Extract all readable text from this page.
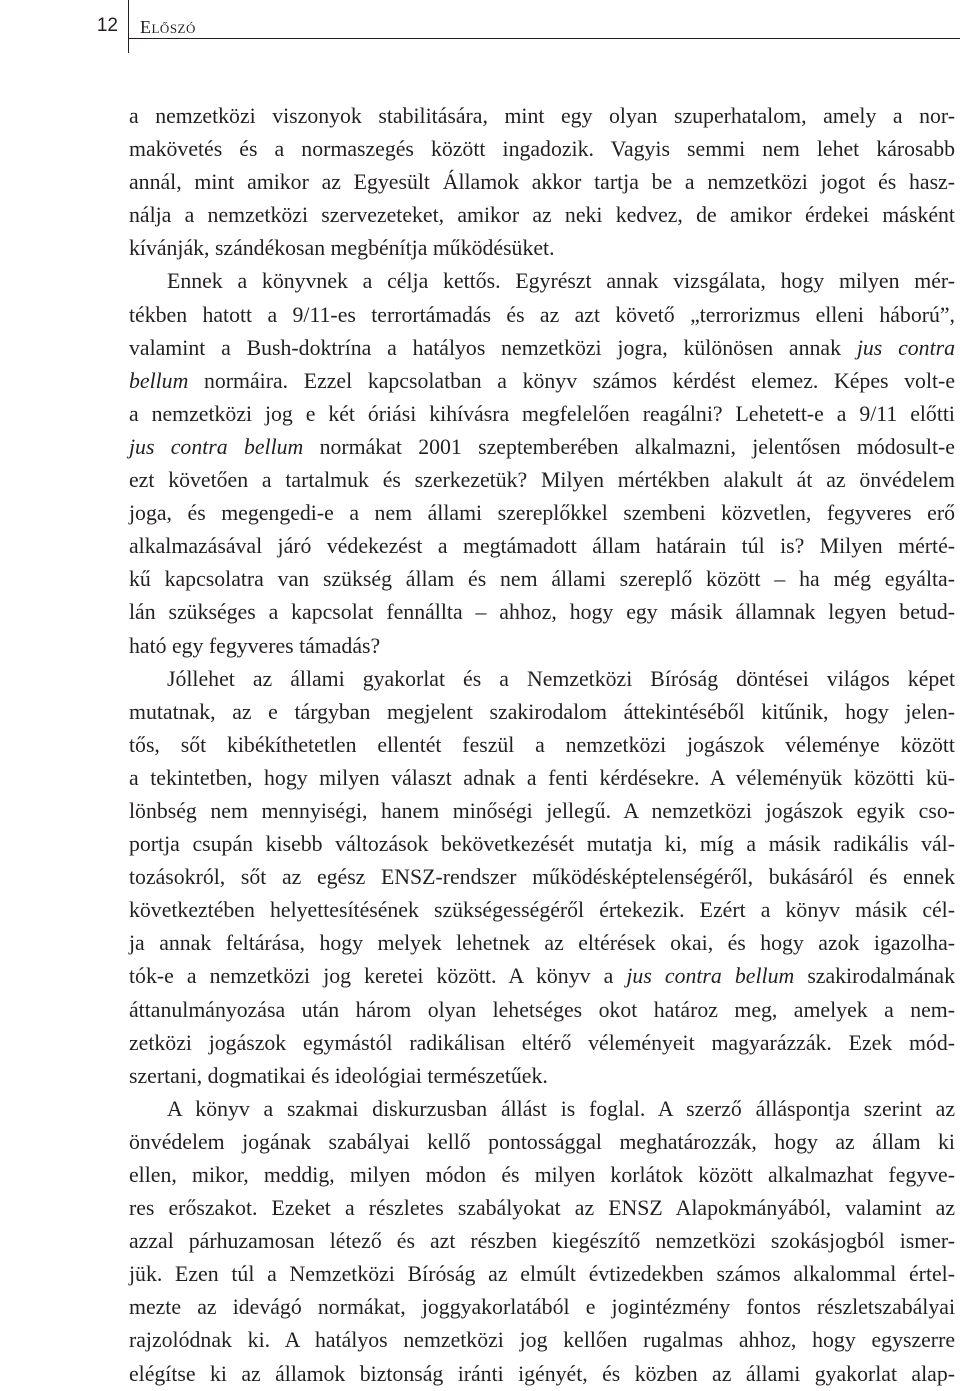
12 Előszó
a nemzetközi viszonyok stabilitására, mint egy olyan szuperhatalom, amely a nor-
makövetés és a normaszegés között ingadozik. Vagyis semmi nem lehet károsabb
annál, mint amikor az Egyesült Államok akkor tartja be a nemzetközi jogot és hasz-
nálja a nemzetközi szervezeteket, amikor az neki kedvez, de amikor érdekei másként
kívánják, szándékosan megbénítja működésüket.
Ennek a könyvnek a célja kettős. Egyrészt annak vizsgálata, hogy milyen mér-
tékben hatott a 9/11-es terrortámadás és az azt követő „terrorizmus elleni háború”,
valamint a Bush-doktrína a hatályos nemzetközi jogra, különösen annak jus contra
bellum normáira. Ezzel kapcsolatban a könyv számos kérdést elemez. Képes volt-e
a nemzetközi jog e két óriási kihívásra megfelelően reagálni? Lehetett-e a 9/11 előtti
jus contra bellum normákat 2001 szeptemberében alkalmazni, jelentősen módosult-e
ezt követően a tartalmuk és szerkezetük? Milyen mértékben alakult át az önvédelem
joga, és megengedi-e a nem állami szereplőkkel szembeni közvetlen, fegyveres erő
alkalmazásával járó védekezést a megtámadott állam határain túl is? Milyen mérté-
kű kapcsolatra van szükség állam és nem állami szereplő között – ha még egyálta-
lán szükséges a kapcsolat fennállta – ahhoz, hogy egy másik államnak legyen betud-
ható egy fegyveres támadás?
Jóllehet az állami gyakorlat és a Nemzetközi Bíróság döntései világos képet
mutatnak, az e tárgyban megjelent szakirodalom áttekintéséből kitűnik, hogy jelen-
tős, sőt kibékíthetetlen ellentét feszül a nemzetközi jogászok véleménye között
a tekintetben, hogy milyen választ adnak a fenti kérdésekre. A véleményük közötti kü-
lönbség nem mennyiségi, hanem minőségi jellegű. A nemzetközi jogászok egyik cso-
portja csupán kisebb változások bekövetkezését mutatja ki, míg a másik radikális vál-
tozásokról, sőt az egész ENSZ-rendszer működésképtelenségéről, bukásáról és ennek
következtében helyettesítésének szükségességéről értekezik. Ezért a könyv másik cél-
ja annak feltárása, hogy melyek lehetnek az eltérések okai, és hogy azok igazolha-
tók-e a nemzetközi jog keretei között. A könyv a jus contra bellum szakirodalmának
áttanulmányozása után három olyan lehetséges okot határoz meg, amelyek a nem-
zetközi jogászok egymástól radikálisan eltérő véleményeit magyarázzák. Ezek mód-
szertani, dogmatikai és ideológiai természetűek.
A könyv a szakmai diskurzusban állást is foglal. A szerző álláspontja szerint az
önvédelem jogának szabályai kellő pontossággal meghatározzák, hogy az állam ki
ellen, mikor, meddig, milyen módon és milyen korlátok között alkalmazhat fegyve-
res erőszakot. Ezeket a részletes szabályokat az ENSZ Alapokmányából, valamint az
azzal párhuzamosan létező és azt részben kiegészítő nemzetközi szokásjogból ismer-
jük. Ezen túl a Nemzetközi Bíróság az elmúlt évtizedekben számos alkalommal értel-
mezte az idevágó normákat, joggyakorlatából e jogintézmény fontos részletszabályai
rajzolódnak ki. A hatályos nemzetközi jog kellően rugalmas ahhoz, hogy egyszerre
elégítse ki az államok biztonság iránti igényét, és közben az állami gyakorlat alap-
